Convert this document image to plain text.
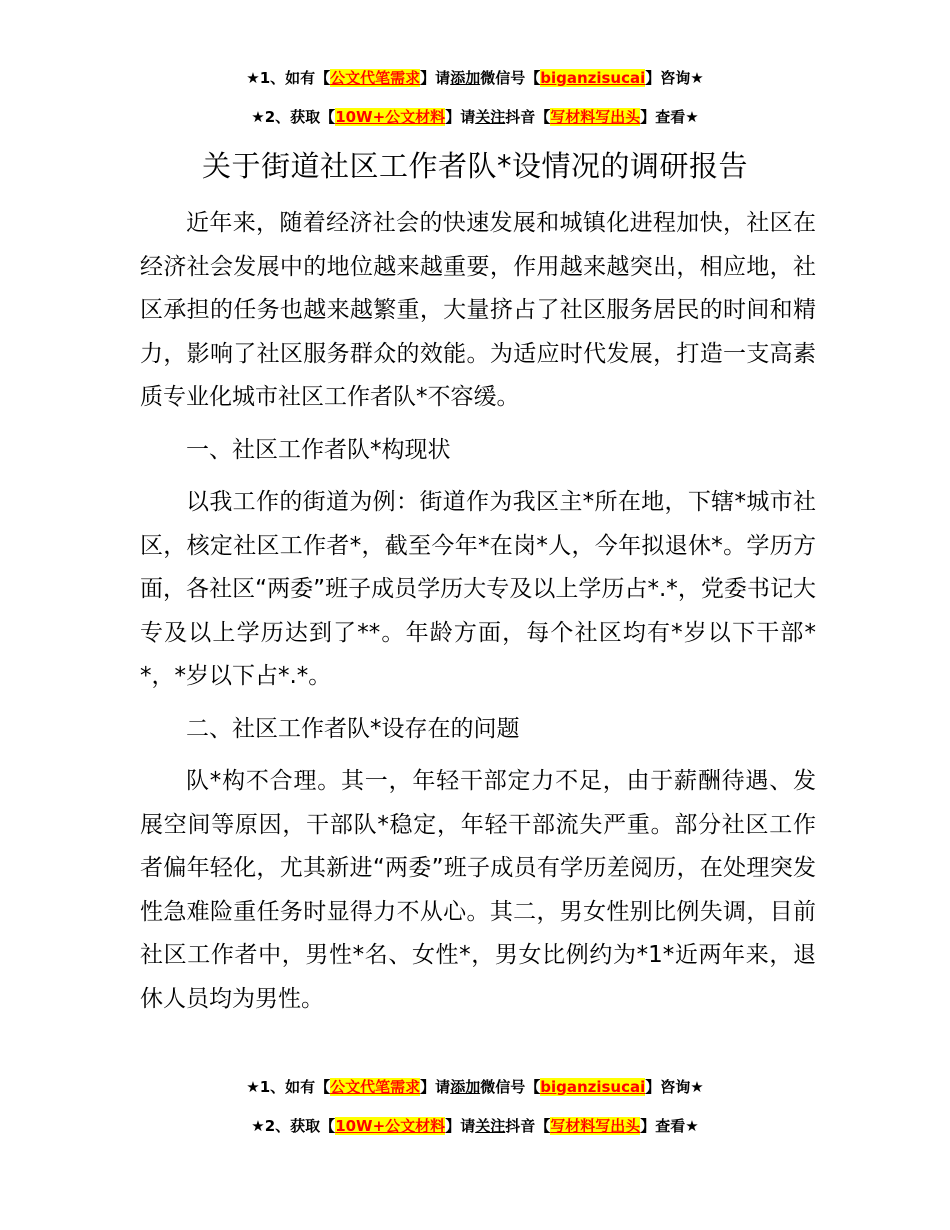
★1、如有【公文代笔需求】请添加微信号【biganzisucai】咨询★
★2、获取【10W+公文材料】请关注抖音【写材料写出头】查看★
关于街道社区工作者队*设情况的调研报告

近年来，随着经济社会的快速发展和城镇化进程加快，社区在经济社会发展中的地位越来越重要，作用越来越突出，相应地，社区承担的任务也越来越繁重，大量挤占了社区服务居民的时间和精力，影响了社区服务群众的效能。为适应时代发展，打造一支高素质专业化城市社区工作者队*不容缓。

一、社区工作者队*构现状

以我工作的街道为例：街道作为我区主*所在地，下辖*城市社区，核定社区工作者*，截至今年*在岗*人，今年拟退休*。学历方面，各社区“两委”班子成员学历大专及以上学历占*.*，党委书记大专及以上学历达到了**。年龄方面，每个社区均有*岁以下干部**，*岁以下占*.*。

二、社区工作者队*设存在的问题

队*构不合理。其一，年轻干部定力不足，由于薪酬待遇、发展空间等原因，干部队*稳定，年轻干部流失严重。部分社区工作者偏年轻化，尤其新进“两委”班子成员有学历差阅历，在处理突发性急难险重任务时显得力不从心。其二，男女性别比例失调，目前社区工作者中，男性*名、女性*，男女比例约为*1*近两年来，退休人员均为男性。

★1、如有【公文代笔需求】请添加微信号【biganzisucai】咨询★
★2、获取【10W+公文材料】请关注抖音【写材料写出头】查看★
